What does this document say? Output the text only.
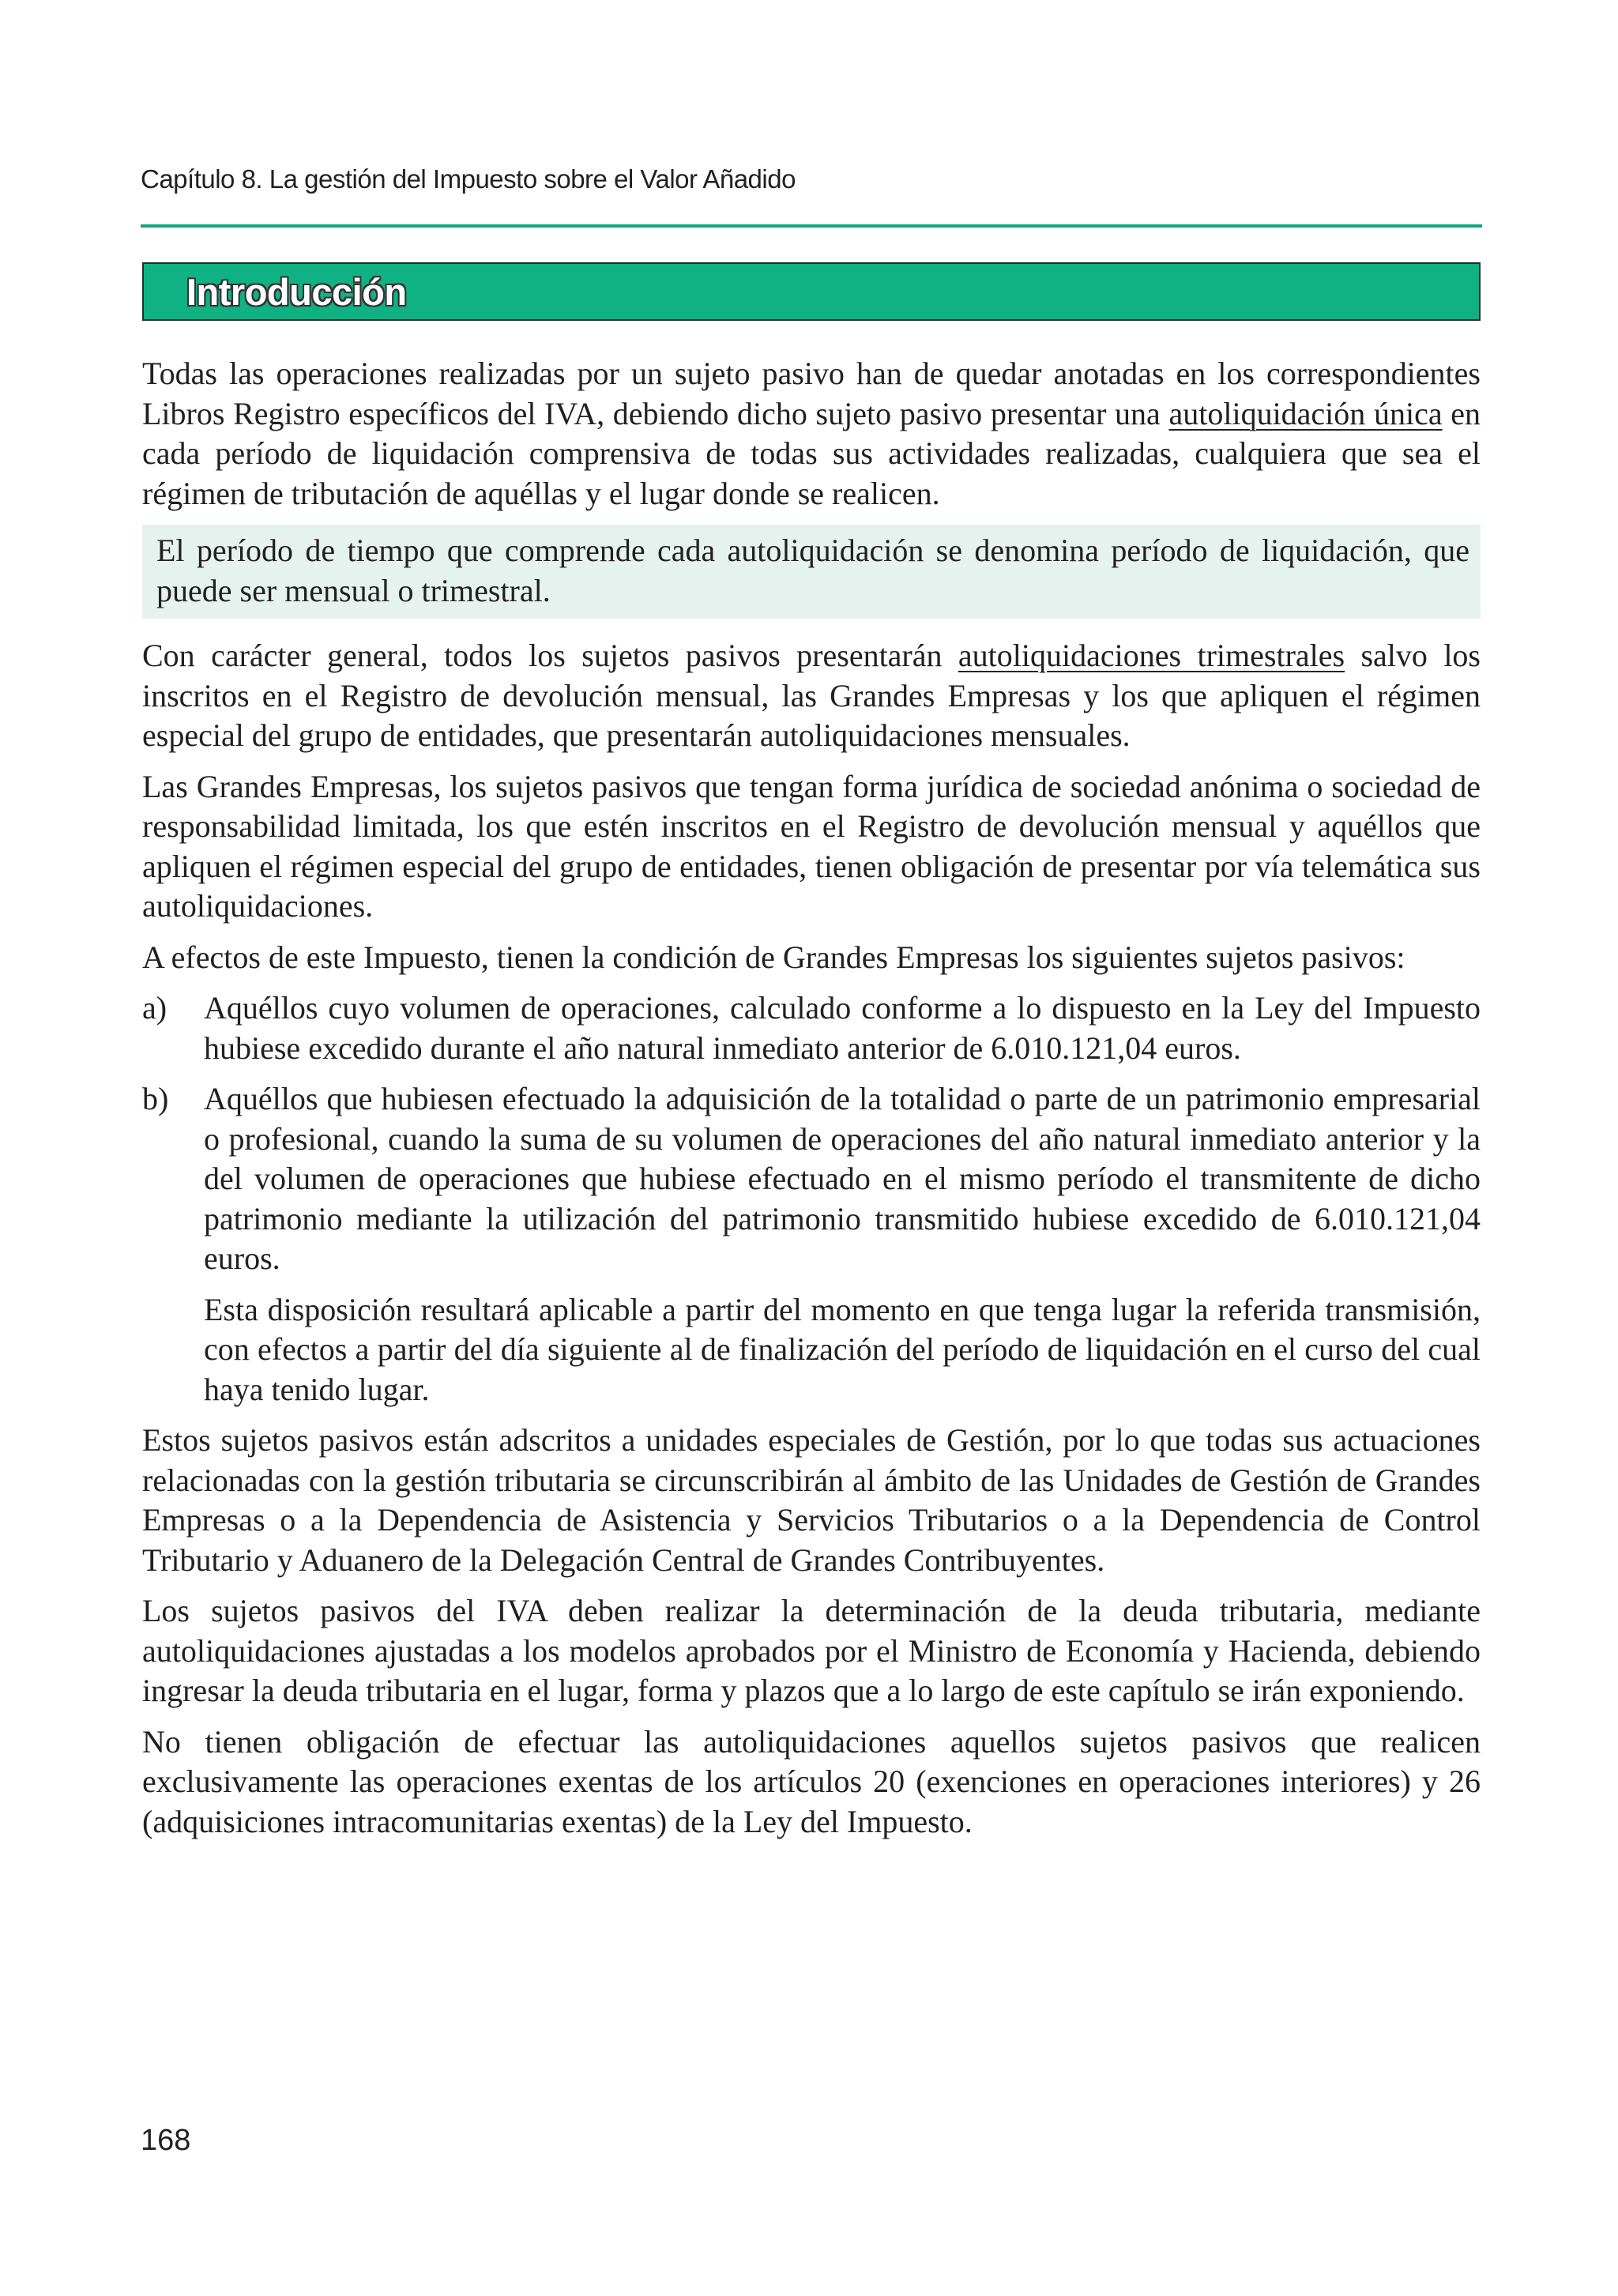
Capítulo 8. La gestión del Impuesto sobre el Valor Añadido
Introducción

Todas las operaciones realizadas por un sujeto pasivo han de quedar anotadas en los correspondientes Libros Registro específicos del IVA, debiendo dicho sujeto pasivo presentar una autoliquidación única en cada período de liquidación comprensiva de todas sus actividades realizadas, cualquiera que sea el régimen de tributación de aquéllas y el lugar donde se realicen.

El período de tiempo que comprende cada autoliquidación se denomina período de liquidación, que puede ser mensual o trimestral.

Con carácter general, todos los sujetos pasivos presentarán autoliquidaciones trimestrales salvo los inscritos en el Registro de devolución mensual, las Grandes Empresas y los que apliquen el régimen especial del grupo de entidades, que presentarán autoliquidaciones mensuales.

Las Grandes Empresas, los sujetos pasivos que tengan forma jurídica de sociedad anónima o sociedad de responsabilidad limitada, los que estén inscritos en el Registro de devolución mensual y aquéllos que apliquen el régimen especial del grupo de entidades, tienen obligación de presentar por vía telemática sus autoliquidaciones.

A efectos de este Impuesto, tienen la condición de Grandes Empresas los siguientes sujetos pasivos:

a)	Aquéllos cuyo volumen de operaciones, calculado conforme a lo dispuesto en la Ley del Impuesto hubiese excedido durante el año natural inmediato anterior de 6.010.121,04 euros.
b)	Aquéllos que hubiesen efectuado la adquisición de la totalidad o parte de un patrimonio empresarial o profesional, cuando la suma de su volumen de operaciones del año natural inmediato anterior y la del volumen de operaciones que hubiese efectuado en el mismo período el transmitente de dicho patrimonio mediante la utilización del patrimonio transmitido hubiese excedido de 6.010.121,04 euros.

Esta disposición resultará aplicable a partir del momento en que tenga lugar la referida transmisión, con efectos a partir del día siguiente al de finalización del período de liquidación en el curso del cual haya tenido lugar.

Estos sujetos pasivos están adscritos a unidades especiales de Gestión, por lo que todas sus actuaciones relacionadas con la gestión tributaria se circunscribirán al ámbito de las Unidades de Gestión de Grandes Empresas o a la Dependencia de Asistencia y Servicios Tributarios o a la Dependencia de Control Tributario y Aduanero de la Delegación Central de Grandes Contribuyentes.

Los sujetos pasivos del IVA deben realizar la determinación de la deuda tributaria, mediante autoliquidaciones ajustadas a los modelos aprobados por el Ministro de Economía y Hacienda, debiendo ingresar la deuda tributaria en el lugar, forma y plazos que a lo largo de este capítulo se irán exponiendo.

No tienen obligación de efectuar las autoliquidaciones aquellos sujetos pasivos que realicen exclusivamente las operaciones exentas de los artículos 20 (exenciones en operaciones interiores) y 26 (adquisiciones intracomunitarias exentas) de la Ley del Impuesto.

168
